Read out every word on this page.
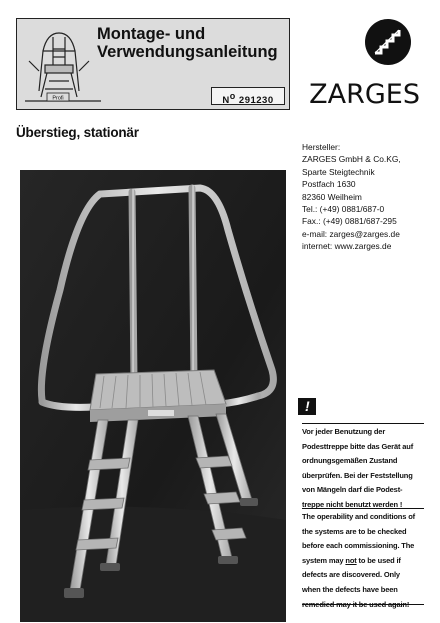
Profi
Montage- und
Verwendungsanleitung
$N^o$ 291230	ZARGES
Überstieg, stationär
Hersteller:
ZARGES GmbH & Co.KG,
Sparte Steigtechnik
Postfach 1630
82360 Weilheim
Tel.: (+49) 0881/687-0
Fax.: (+49) 0881/687-295
e-mail: zarges@zarges.de
internet: www.zarges.de
!
Vor jeder Benutzung der
Podesttreppe bitte das Gerät auf
ordnungsgemäßen Zustand
überprüfen. Bei der Feststellung
von Mängeln darf die Podest-
treppe nicht benutzt werden !
The operability and conditions of
the systems are to be checked
before each commissioning. The
system may not to be used if
defects are discovered. Only
when the defects have been
remedied may it be used again!
